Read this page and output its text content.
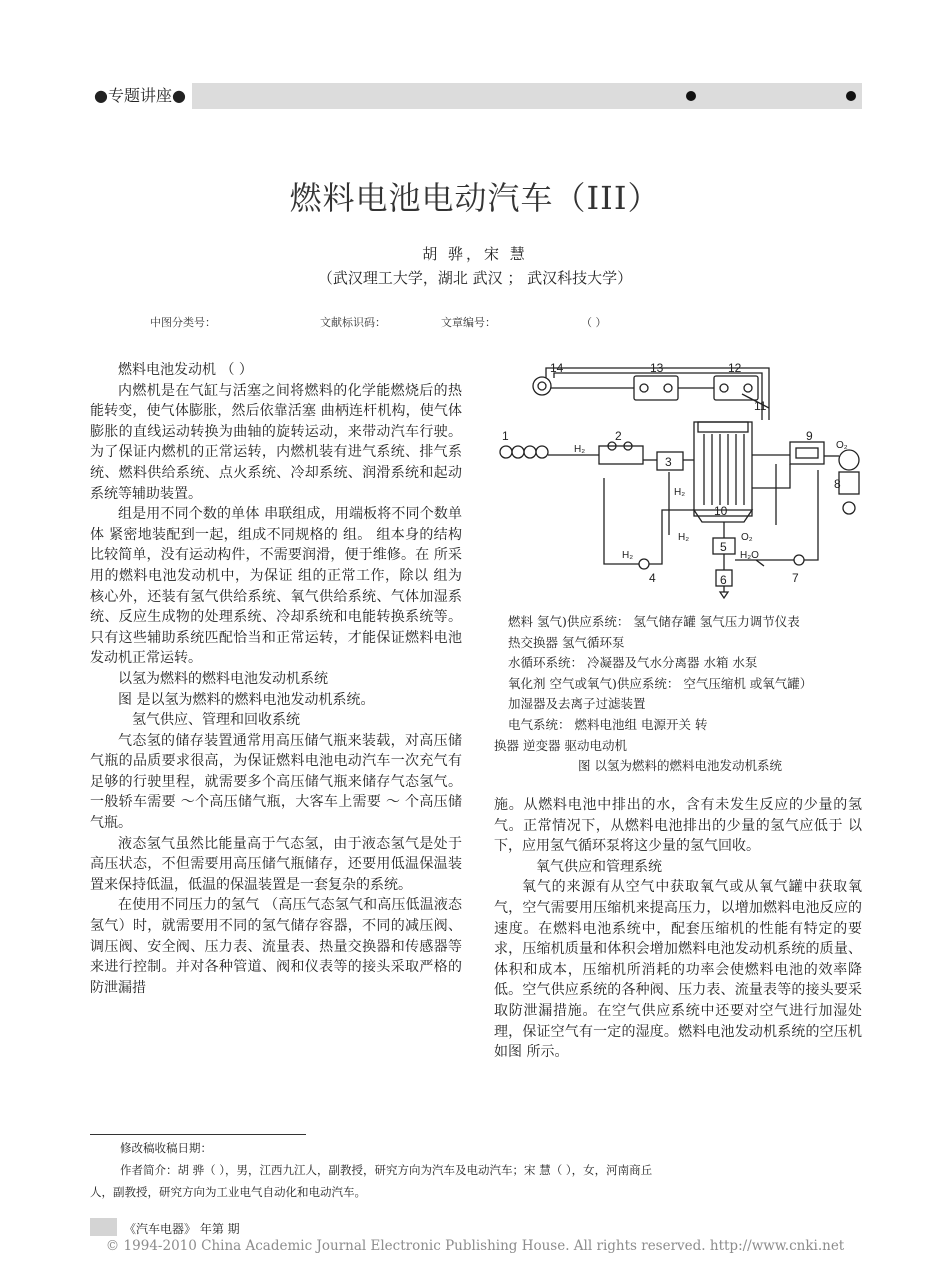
●专题讲座●
燃料电池电动汽车（III）
胡 骅，宋 慧
（武汉理工大学，湖北 武汉 ； 武汉科技大学）
中图分类号：	文献标识码：	文章编号：	（ ）

燃料电池发动机 （ ）

内燃机是在气缸与活塞之间将燃料的化学能燃烧后的热能转变，使气体膨胀，然后依靠活塞 曲柄连杆机构，使气体膨胀的直线运动转换为曲轴的旋转运动，来带动汽车行驶。为了保证内燃机的正常运转，内燃机装有进气系统、排气系统、燃料供给系统、点火系统、冷却系统、润滑系统和起动系统等辅助装置。

组是用不同个数的单体 串联组成，用端板将不同个数单体 紧密地装配到一起，组成不同规格的 组。 组本身的结构比较简单，没有运动构件，不需要润滑，便于维修。在 所采用的燃料电池发动机中，为保证 组的正常工作，除以 组为核心外，还装有氢气供给系统、氧气供给系统、气体加湿系统、反应生成物的处理系统、冷却系统和电能转换系统等。只有这些辅助系统匹配恰当和正常运转，才能保证燃料电池发动机正常运转。

以氢为燃料的燃料电池发动机系统

图 是以氢为燃料的燃料电池发动机系统。

氢气供应、管理和回收系统

气态氢的储存装置通常用高压储气瓶来装载，对高压储气瓶的品质要求很高，为保证燃料电池电动汽车一次充气有足够的行驶里程，就需要多个高压储气瓶来储存气态氢气。一般轿车需要 ～个高压储气瓶，大客车上需要 ～ 个高压储气瓶。

液态氢气虽然比能量高于气态氢，由于液态氢气是处于高压状态，不但需要用高压储气瓶储存，还要用低温保温装置来保持低温，低温的保温装置是一套复杂的系统。

在使用不同压力的氢气 （高压气态氢气和高压低温液态氢气）时，就需要用不同的氢气储存容器，不同的减压阀、调压阀、安全阀、压力表、流量表、热量交换器和传感器等来进行控制。并对各种管道、阀和仪表等的接头采取严格的防泄漏措

1	2
3
4
5
6	7
8
9
10
11
12
13
14
H₂
H₂
H₂
H₂
O₂
O₂
H₂O

燃料 氢气)供应系统： 氢气储存罐 氢气压力调节仪表

热交换器 氢气循环泵

水循环系统： 冷凝器及气水分离器 水箱 水泵

氧化剂 空气或氧气)供应系统： 空气压缩机 或氧气罐）

加湿器及去离子过滤装置

电气系统： 燃料电池组 电源开关 转

换器 逆变器 驱动电动机

图 以氢为燃料的燃料电池发动机系统

施。从燃料电池中排出的水，含有未发生反应的少量的氢气。正常情况下，从燃料电池排出的少量的氢气应低于 以下，应用氢气循环泵将这少量的氢气回收。

氧气供应和管理系统

氧气的来源有从空气中获取氧气或从氧气罐中获取氧气，空气需要用压缩机来提高压力，以增加燃料电池反应的速度。在燃料电池系统中，配套压缩机的性能有特定的要求，压缩机质量和体积会增加燃料电池发动机系统的质量、体积和成本，压缩机所消耗的功率会使燃料电池的效率降低。空气供应系统的各种阀、压力表、流量表等的接头要采取防泄漏措施。在空气供应系统中还要对空气进行加湿处理，保证空气有一定的湿度。燃料电池发动机系统的空压机如图 所示。

修改稿收稿日期：

作者简介：胡 骅（ ），男，江西九江人，副教授，研究方向为汽车及电动汽车；宋 慧（ ），女，河南商丘

人，副教授，研究方向为工业电气自动化和电动汽车。

《汽车电器》 年第 期
© 1994-2010 China Academic Journal Electronic Publishing House. All rights reserved. http://www.cnki.net
